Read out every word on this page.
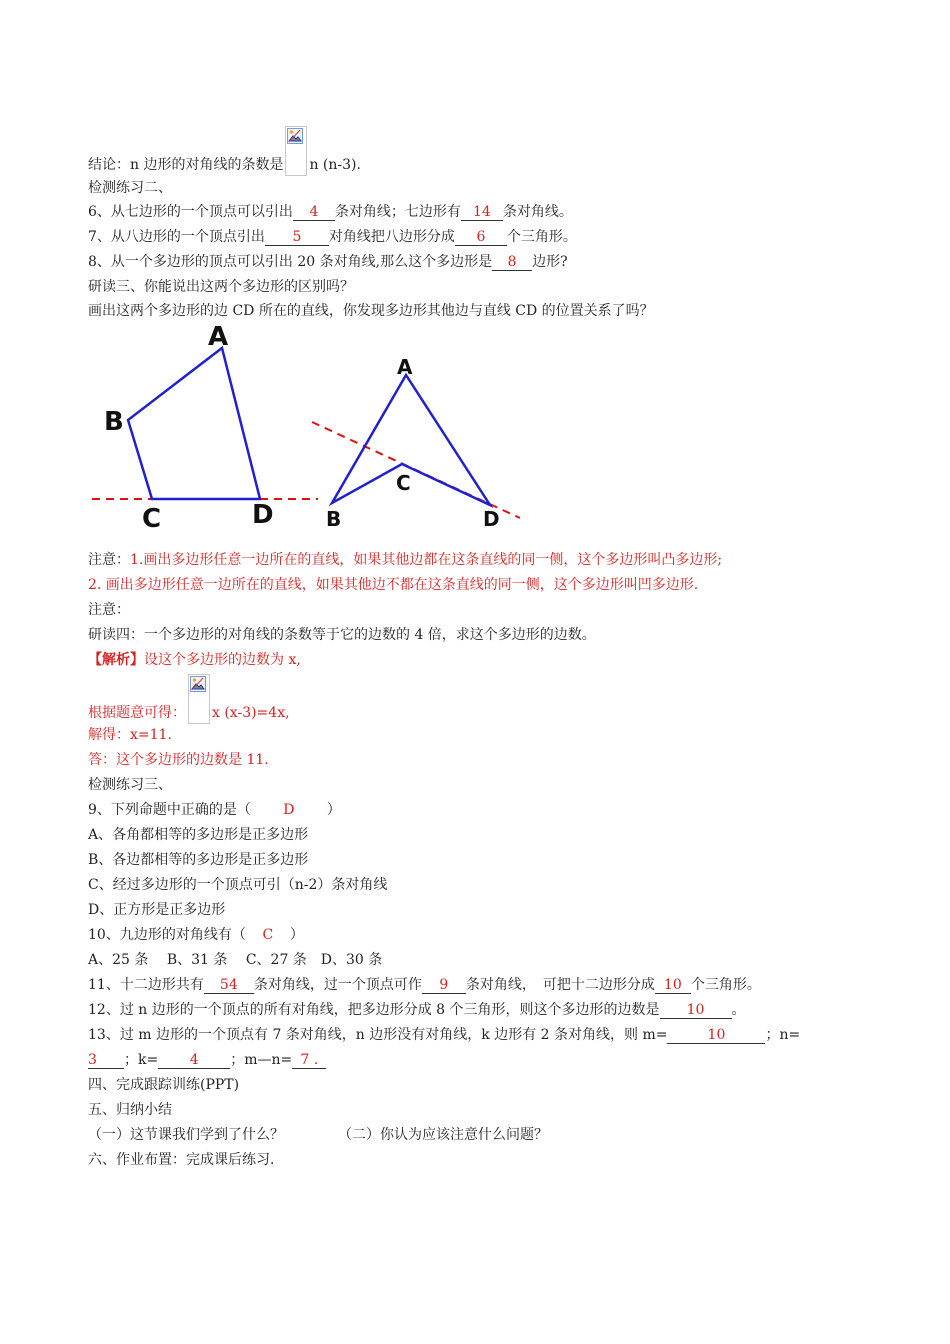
结论：n 边形的对角线的条数是 n (n-3).
检测练习二、
6、从七边形的一个顶点可以引出 4 条对角线；七边形有 14 条对角线。
7、从八边形的一个顶点引出 5 对角线把八边形分成 6 个三角形。
8、从一个多边形的顶点可以引出 20 条对角线,那么这个多边形是 8 边形?
研读三、你能说出这两个多边形的区别吗？
画出这两个多边形的边 CD 所在的直线，你发现多边形其他边与直线 CD 的位置关系了吗？
A
B
C	D
A
B
C
D
注意：1.画出多边形任意一边所在的直线，如果其他边都在这条直线的同一侧，这个多边形叫凸多边形;
2. 画出多边形任意一边所在的直线，如果其他边不都在这条直线的同一侧，这个多边形叫凹多边形.
注意：
研读四：一个多边形的对角线的条数等于它的边数的 4 倍，求这个多边形的边数。
【解析】设这个多边形的边数为 x,
根据题意可得： x (x-3)=4x,
解得：x=11.
答：这个多边形的边数是 11.
检测练习三、
9、下列命题中正确的是（ D ）
A、各角都相等的多边形是正多边形
B、各边都相等的多边形是正多边形
C、经过多边形的一个顶点可引（n-2）条对角线
D、正方形是正多边形
10、九边形的对角线有（ C ）
A、25 条　 B、31 条　 C、27 条　D、30 条
11、十二边形共有 54 条对角线，过一个顶点可作 9 条对角线，　可把十二边形分成 10 个三角形。
12、过 n 边形的一个顶点的所有对角线，把多边形分成 8 个三角形，则这个多边形的边数是 10 。
13、过 m 边形的一个顶点有 7 条对角线，n 边形没有对角线，k 边形有 2 条对角线，则 m=	10	；n=
3 ；k= 4 ；m—n= 7 .
四、完成跟踪训练(PPT)
五、归纳小结
（一）这节课我们学到了什么？	（二）你认为应该注意什么问题？
六、作业布置：完成课后练习.
